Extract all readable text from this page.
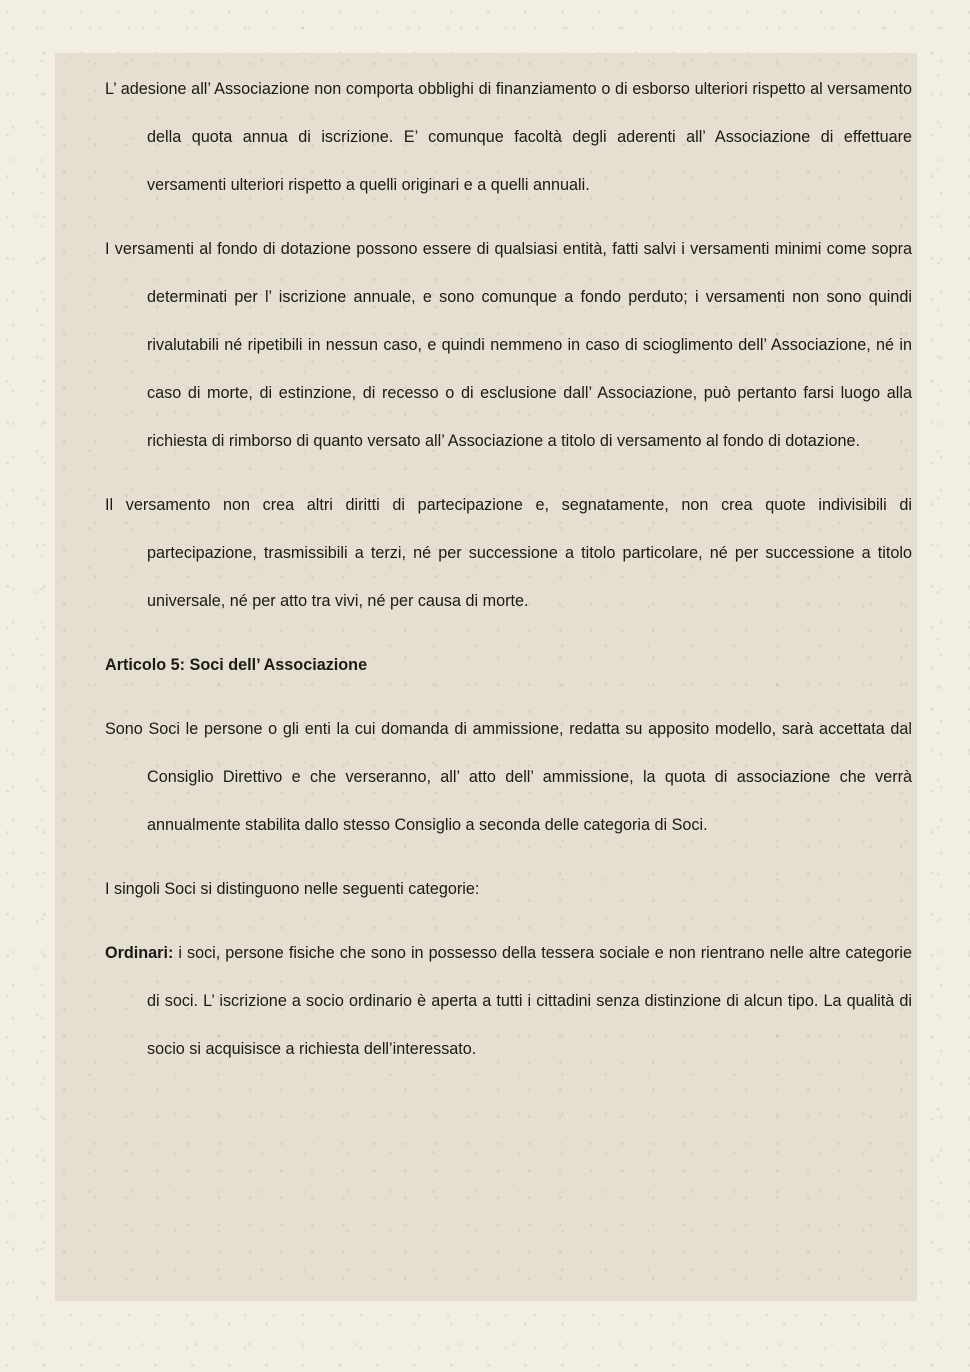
L’ adesione all’ Associazione non comporta obblighi di finanziamento o di esborso ulteriori rispetto al versamento della quota annua di iscrizione. E’ comunque facoltà degli aderenti all’ Associazione di effettuare versamenti ulteriori rispetto a quelli originari e a quelli annuali.

I versamenti al fondo di dotazione possono essere di qualsiasi entità, fatti salvi i versamenti minimi come sopra determinati per l’ iscrizione annuale, e sono comunque a fondo perduto; i versamenti non sono quindi rivalutabili né ripetibili in nessun caso, e quindi nemmeno in caso di scioglimento dell’ Associazione, né in caso di morte, di estinzione, di recesso o di esclusione dall’ Associazione, può pertanto farsi luogo alla richiesta di rimborso di quanto versato all’ Associazione a titolo di versamento al fondo di dotazione.

Il versamento non crea altri diritti di partecipazione e, segnatamente, non crea quote indivisibili di partecipazione, trasmissibili a terzi, né per successione a titolo particolare, né per successione a titolo universale, né per atto tra vivi, né per causa di morte.

Articolo 5: Soci dell’ Associazione

Sono Soci le persone o gli enti la cui domanda di ammissione, redatta su apposito modello, sarà accettata dal Consiglio Direttivo e che verseranno, all’ atto dell’ ammissione, la quota di associazione che verrà annualmente stabilita dallo stesso Consiglio a seconda delle categoria di Soci.

I singoli Soci si distinguono nelle seguenti categorie:

Ordinari: i soci, persone fisiche che sono in possesso della tessera sociale e non rientrano nelle altre categorie di soci. L’ iscrizione a socio ordinario è aperta a tutti i cittadini senza distinzione di alcun tipo. La qualità di socio si acquisisce a richiesta dell’interessato.
